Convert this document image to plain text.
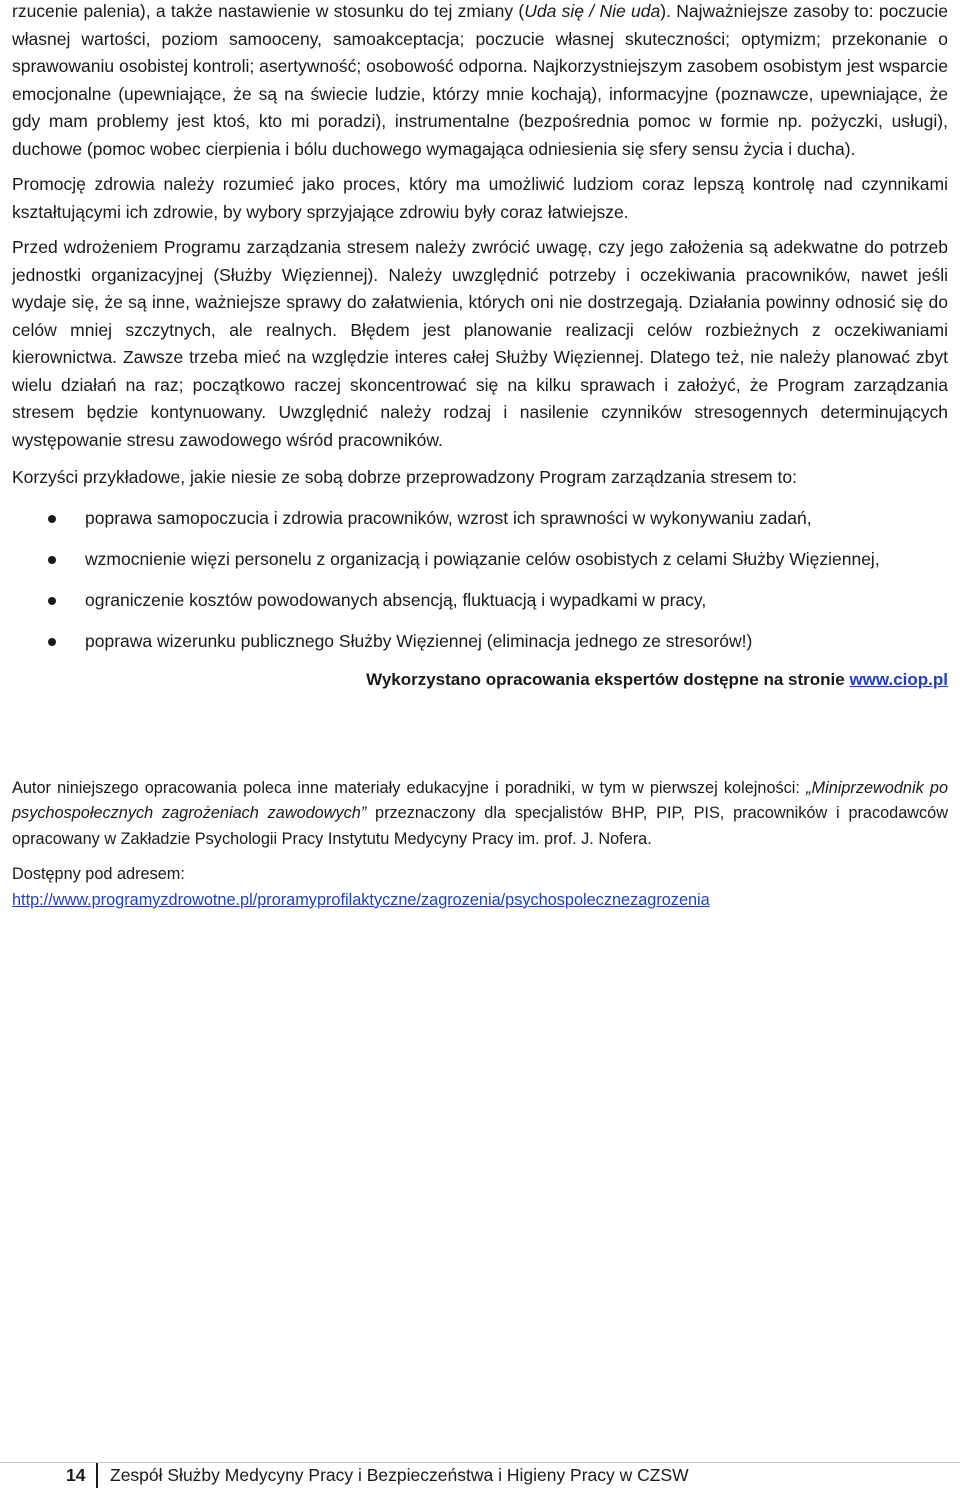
rzucenie palenia), a także nastawienie w stosunku do tej zmiany (Uda się / Nie uda). Najważniejsze zasoby to: poczucie własnej wartości, poziom samooceny, samoakceptacja; poczucie własnej skuteczności; optymizm; przekonanie o sprawowaniu osobistej kontroli; asertywność; osobowość odporna. Najkorzystniejszym zasobem osobistym jest wsparcie emocjonalne (upewniające, że są na świecie ludzie, którzy mnie kochają), informacyjne (poznawcze, upewniające, że gdy mam problemy jest ktoś, kto mi poradzi), instrumentalne (bezpośrednia pomoc w formie np. pożyczki, usługi), duchowe (pomoc wobec cierpienia i bólu duchowego wymagająca odniesienia się sfery sensu życia i ducha).

Promocję zdrowia należy rozumieć jako proces, który ma umożliwić ludziom coraz lepszą kontrolę nad czynnikami kształtującymi ich zdrowie, by wybory sprzyjające zdrowiu były coraz łatwiejsze.

Przed wdrożeniem Programu zarządzania stresem należy zwrócić uwagę, czy jego założenia są adekwatne do potrzeb jednostki organizacyjnej (Służby Więziennej). Należy uwzględnić potrzeby i oczekiwania pracowników, nawet jeśli wydaje się, że są inne, ważniejsze sprawy do załatwienia, których oni nie dostrzegają. Działania powinny odnosić się do celów mniej szczytnych, ale realnych. Błędem jest planowanie realizacji celów rozbieżnych z oczekiwaniami kierownictwa. Zawsze trzeba mieć na względzie interes całej Służby Więziennej. Dlatego też, nie należy planować zbyt wielu działań na raz; początkowo raczej skoncentrować się na kilku sprawach i założyć, że Program zarządzania stresem będzie kontynuowany. Uwzględnić należy rodzaj i nasilenie czynników stresogennych determinujących występowanie stresu zawodowego wśród pracowników.

Korzyści przykładowe, jakie niesie ze sobą dobrze przeprowadzony Program zarządzania stresem to:

poprawa samopoczucia i zdrowia pracowników, wzrost ich sprawności w wykonywaniu zadań,
wzmocnienie więzi personelu z organizacją i powiązanie celów osobistych z celami Służby Więziennej,
ograniczenie kosztów powodowanych absencją, fluktuacją i wypadkami w pracy,
poprawa wizerunku publicznego Służby Więziennej (eliminacja jednego ze stresorów!)
Wykorzystano opracowania ekspertów dostępne na stronie www.ciop.pl
Autor niniejszego opracowania poleca inne materiały edukacyjne i poradniki, w tym w pierwszej kolejności: „Miniprzewodnik po psychospołecznych zagrożeniach zawodowych” przeznaczony dla specjalistów BHP, PIP, PIS, pracowników i pracodawców opracowany w Zakładzie Psychologii Pracy Instytutu Medycyny Pracy im. prof. J. Nofera.
Dostępny pod adresem:
http://www.programyzdrowotne.pl/proramyprofilaktyczne/zagrozenia/psychospolecznezagrozenia
14 Zespół Służby Medycyny Pracy i Bezpieczeństwa i Higieny Pracy w CZSW
